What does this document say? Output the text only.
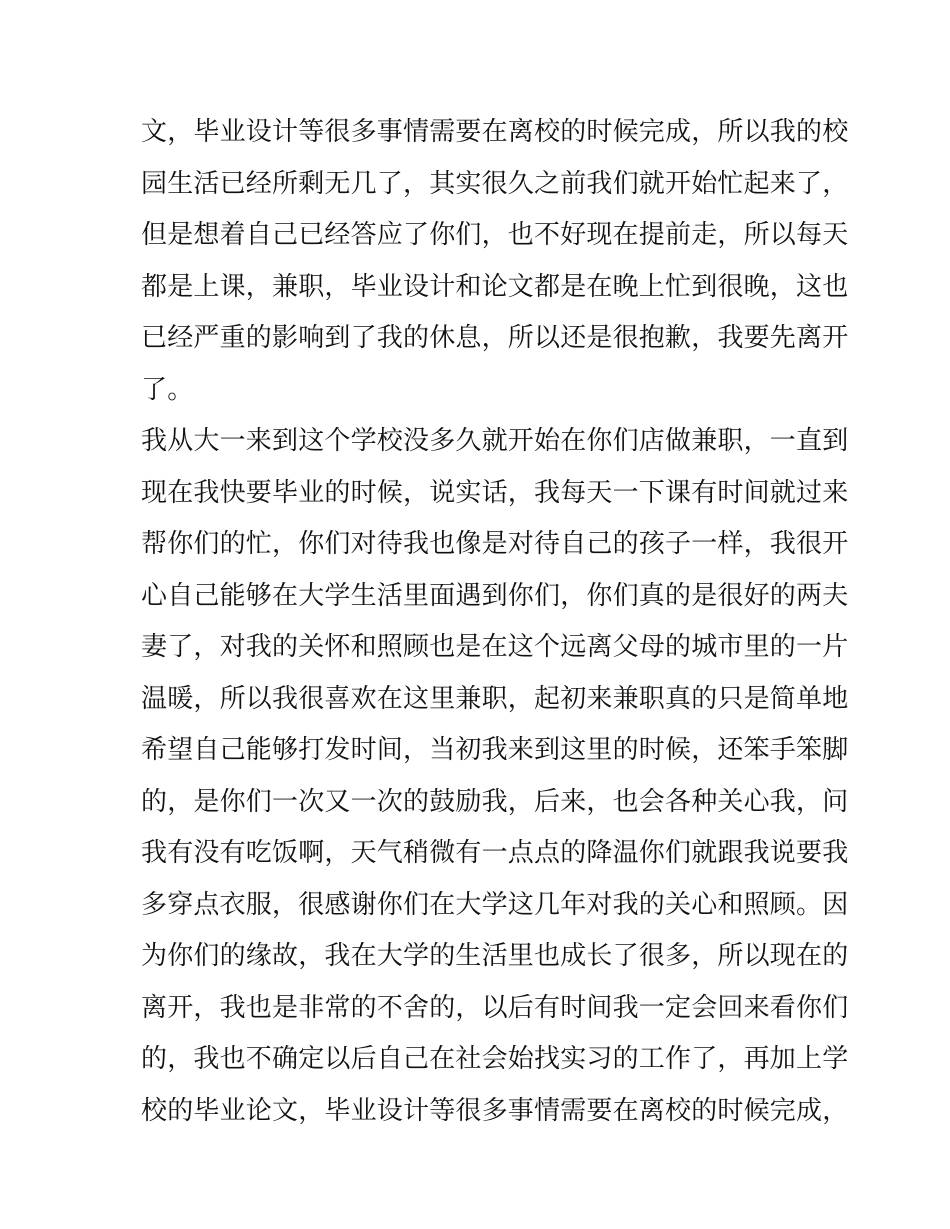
文，毕业设计等很多事情需要在离校的时候完成，所以我的校
园生活已经所剩无几了，其实很久之前我们就开始忙起来了，
但是想着自己已经答应了你们，也不好现在提前走，所以每天
都是上课，兼职，毕业设计和论文都是在晚上忙到很晚，这也
已经严重的影响到了我的休息，所以还是很抱歉，我要先离开
了。
我从大一来到这个学校没多久就开始在你们店做兼职，一直到
现在我快要毕业的时候，说实话，我每天一下课有时间就过来
帮你们的忙，你们对待我也像是对待自己的孩子一样，我很开
心自己能够在大学生活里面遇到你们，你们真的是很好的两夫
妻了，对我的关怀和照顾也是在这个远离父母的城市里的一片
温暖，所以我很喜欢在这里兼职，起初来兼职真的只是简单地
希望自己能够打发时间，当初我来到这里的时候，还笨手笨脚
的，是你们一次又一次的鼓励我，后来，也会各种关心我，问
我有没有吃饭啊，天气稍微有一点点的降温你们就跟我说要我
多穿点衣服，很感谢你们在大学这几年对我的关心和照顾。因
为你们的缘故，我在大学的生活里也成长了很多，所以现在的
离开，我也是非常的不舍的，以后有时间我一定会回来看你们
的，我也不确定以后自己在社会始找实习的工作了，再加上学
校的毕业论文，毕业设计等很多事情需要在离校的时候完成，
